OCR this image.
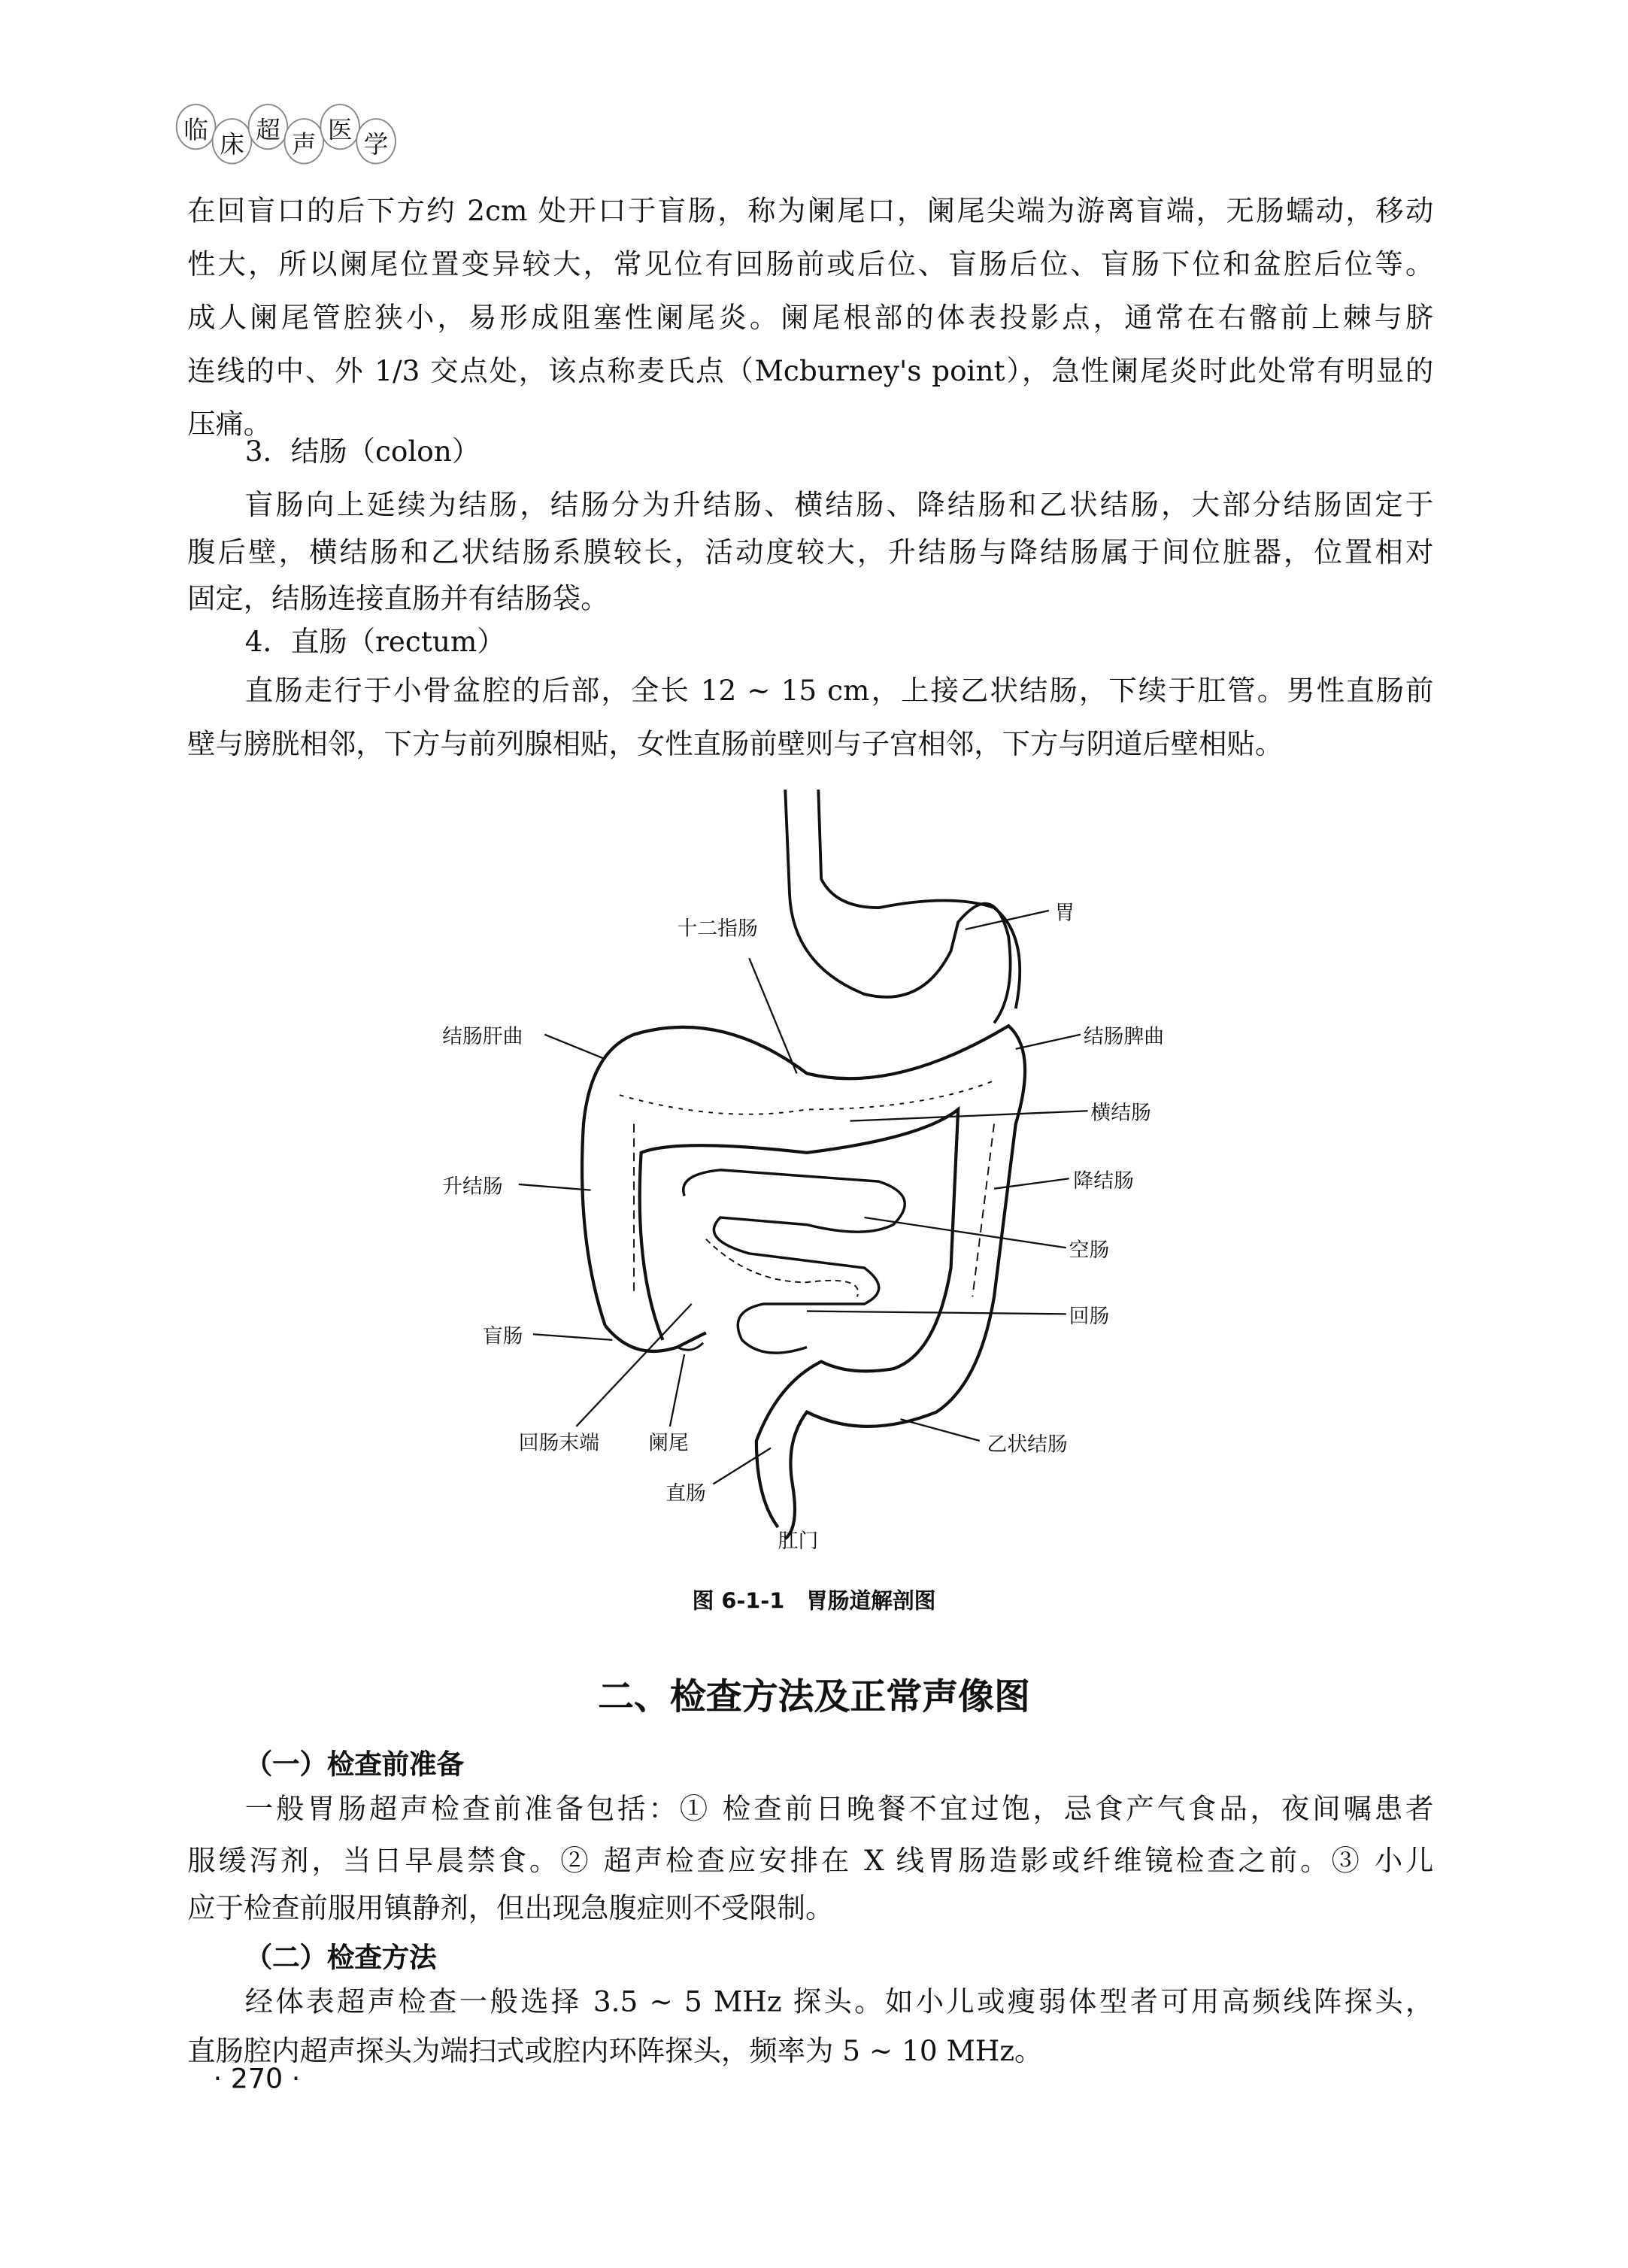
临 床 超 声 医 学
在回盲口的后下方约 2cm 处开口于盲肠，称为阑尾口，阑尾尖端为游离盲端，无肠蠕动，移动
性大，所以阑尾位置变异较大，常见位有回肠前或后位、盲肠后位、盲肠下位和盆腔后位等。
成人阑尾管腔狭小，易形成阻塞性阑尾炎。阑尾根部的体表投影点，通常在右髂前上棘与脐
连线的中、外 1/3 交点处，该点称麦氏点（Mcburney's point），急性阑尾炎时此处常有明显的
压痛。
3．结肠（colon）
盲肠向上延续为结肠，结肠分为升结肠、横结肠、降结肠和乙状结肠，大部分结肠固定于
腹后壁，横结肠和乙状结肠系膜较长，活动度较大，升结肠与降结肠属于间位脏器，位置相对
固定，结肠连接直肠并有结肠袋。
4．直肠（rectum）
直肠走行于小骨盆腔的后部，全长 12 ~ 15 cm，上接乙状结肠，下续于肛管。男性直肠前
壁与膀胱相邻，下方与前列腺相贴，女性直肠前壁则与子宫相邻，下方与阴道后壁相贴。
十二指肠
胃
结肠肝曲	结肠脾曲
横结肠
升结肠	降结肠
空肠
回肠
盲肠
回肠末端	阑尾	乙状结肠
直肠
肛门
图 6-1-1　胃肠道解剖图
二、检查方法及正常声像图
（一）检查前准备
一般胃肠超声检查前准备包括：① 检查前日晚餐不宜过饱，忌食产气食品，夜间嘱患者
服缓泻剂，当日早晨禁食。② 超声检查应安排在 X 线胃肠造影或纤维镜检查之前。③ 小儿
应于检查前服用镇静剂，但出现急腹症则不受限制。
（二）检查方法
经体表超声检查一般选择 3.5 ~ 5 MHz 探头。如小儿或瘦弱体型者可用高频线阵探头，
直肠腔内超声探头为端扫式或腔内环阵探头，频率为 5 ~ 10 MHz。
· 270 ·
